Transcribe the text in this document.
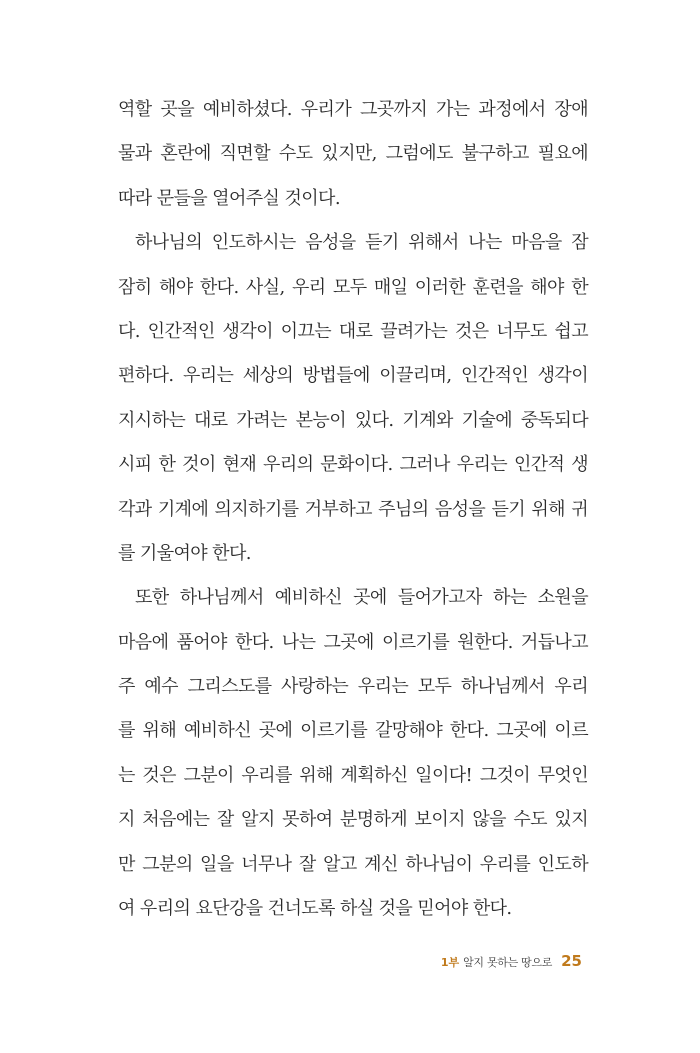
역할 곳을 예비하셨다. 우리가 그곳까지 가는 과정에서 장애
물과 혼란에 직면할 수도 있지만, 그럼에도 불구하고 필요에
따라 문들을 열어주실 것이다.
하나님의 인도하시는 음성을 듣기 위해서 나는 마음을 잠
잠히 해야 한다. 사실, 우리 모두 매일 이러한 훈련을 해야 한
다. 인간적인 생각이 이끄는 대로 끌려가는 것은 너무도 쉽고
편하다. 우리는 세상의 방법들에 이끌리며, 인간적인 생각이
지시하는 대로 가려는 본능이 있다. 기계와 기술에 중독되다
시피 한 것이 현재 우리의 문화이다. 그러나 우리는 인간적 생
각과 기계에 의지하기를 거부하고 주님의 음성을 듣기 위해 귀
를 기울여야 한다.
또한 하나님께서 예비하신 곳에 들어가고자 하는 소원을
마음에 품어야 한다. 나는 그곳에 이르기를 원한다. 거듭나고
주 예수 그리스도를 사랑하는 우리는 모두 하나님께서 우리
를 위해 예비하신 곳에 이르기를 갈망해야 한다. 그곳에 이르
는 것은 그분이 우리를 위해 계획하신 일이다! 그것이 무엇인
지 처음에는 잘 알지 못하여 분명하게 보이지 않을 수도 있지
만 그분의 일을 너무나 잘 알고 계신 하나님이 우리를 인도하
여 우리의 요단강을 건너도록 하실 것을 믿어야 한다.
1부 알지 못하는 땅으로 25
